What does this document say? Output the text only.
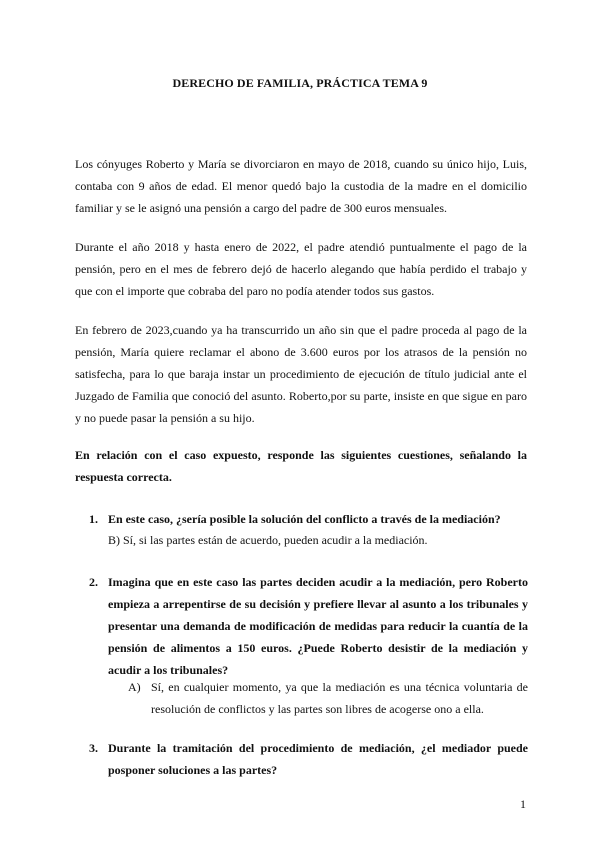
DERECHO DE FAMILIA, PRÁCTICA TEMA 9

Los cónyuges Roberto y María se divorciaron en mayo de 2018, cuando su único hijo, Luis, contaba con 9 años de edad. El menor quedó bajo la custodia de la madre en el domicilio familiar y se le asignó una pensión a cargo del padre de 300 euros mensuales.

Durante el año 2018 y hasta enero de 2022, el padre atendió puntualmente el pago de la pensión, pero en el mes de febrero dejó de hacerlo alegando que había perdido el trabajo y que con el importe que cobraba del paro no podía atender todos sus gastos.

En febrero de 2023,cuando ya ha transcurrido un año sin que el padre proceda al pago de la pensión, María quiere reclamar el abono de 3.600 euros por los atrasos de la pensión no satisfecha, para lo que baraja instar un procedimiento de ejecución de título judicial ante el Juzgado de Familia que conoció del asunto. Roberto,por su parte, insiste en que sigue en paro y no puede pasar la pensión a su hijo.

En relación con el caso expuesto, responde las siguientes cuestiones, señalando la respuesta correcta.

1. En este caso, ¿sería posible la solución del conflicto a través de la mediación?

B) Sí, si las partes están de acuerdo, pueden acudir a la mediación.

2. Imagina que en este caso las partes deciden acudir a la mediación, pero Roberto empieza a arrepentirse de su decisión y prefiere llevar al asunto a los tribunales y presentar una demanda de modificación de medidas para reducir la cuantía de la pensión de alimentos a 150 euros. ¿Puede Roberto desistir de la mediación y acudir a los tribunales?

A) Sí, en cualquier momento, ya que la mediación es una técnica voluntaria de resolución de conflictos y las partes son libres de acogerse ono a ella.
3. Durante la tramitación del procedimiento de mediación, ¿el mediador puede posponer soluciones a las partes?

1
